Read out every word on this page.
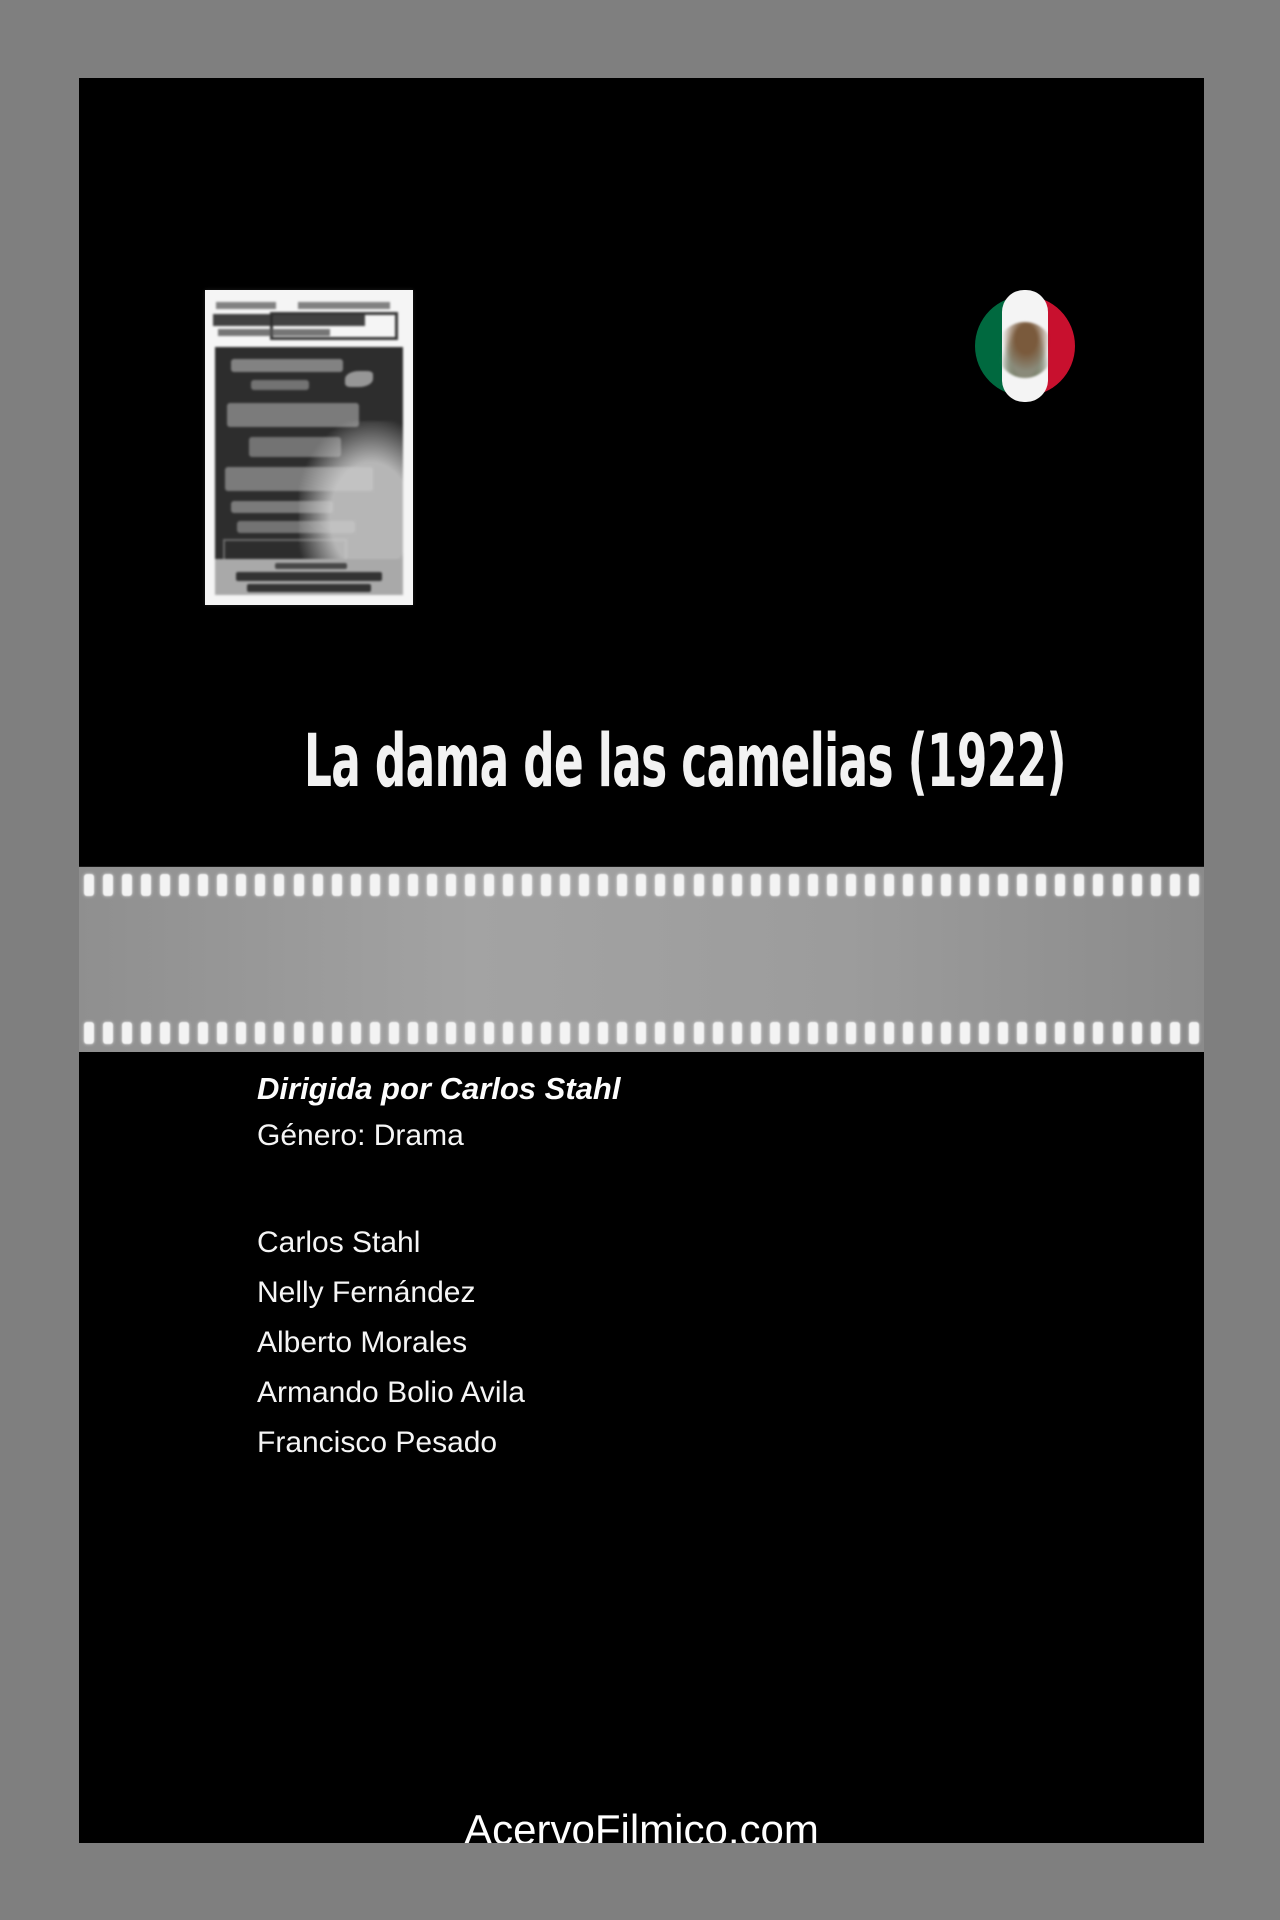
La dama de las camelias (1922)
Dirigida por Carlos Stahl
Género: Drama
Carlos Stahl
Nelly Fernández
Alberto Morales
Armando Bolio Avila
Francisco Pesado
AcervoFilmico.com
